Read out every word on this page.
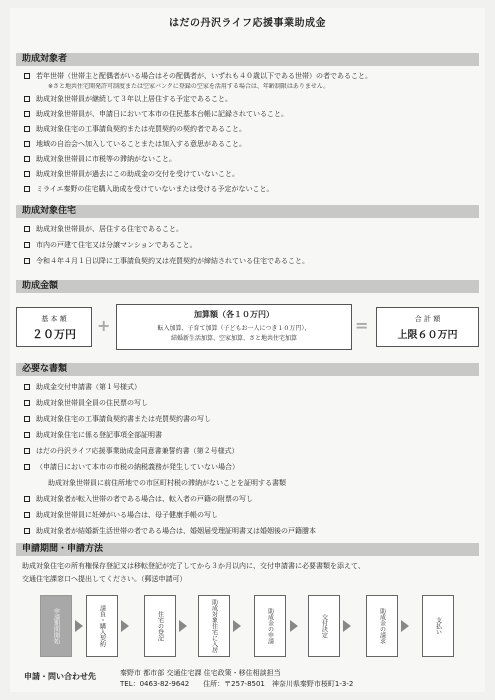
はだの丹沢ライフ応援事業助成金
助成対象者
若年世帯（世帯主と配偶者がいる場合はその配偶者が、いずれも４０歳以下である世帯）の者であること。
※さと地共住宅開発許可制度または空家バンクに登録の空家を活用する場合は、年齢制限はありません。
助成対象世帯員が継続して３年以上居住する予定であること。
助成対象世帯員が、申請日において本市の住民基本台帳に記録されていること。
助成対象住宅の工事請負契約または売買契約の契約者であること。
地域の自治会へ加入していることまたは加入する意思があること。
助成対象世帯員に市税等の滞納がないこと。
助成対象世帯員が過去にこの助成金の交付を受けていないこと。
ミライエ秦野の住宅購入助成を受けていないまたは受ける予定がないこと。
助成対象住宅
助成対象世帯員が、居住する住宅であること。
市内の戸建て住宅又は分譲マンションであること。
令和４年４月１日以降に工事請負契約又は売買契約が締結されている住宅であること。
助成金額
基 本 額
２０万円	+
加算額（各１０万円）
転入加算、子育て加算（子どもお一人につき１０万円）、
結婚新生活加算、空家加算、さと地共住宅加算
=	合 計 額
上限６０万円
必要な書類
助成金交付申請書（第１号様式）
助成対象世帯員全員の住民票の写し
助成対象住宅の工事請負契約書または売買契約書の写し
助成対象住宅に係る登記事項全部証明書
はだの丹沢ライフ応援事業助成金同意書兼誓約書（第２号様式）
（申請日において本市の市税の納税義務が発生していない場合）
助成対象世帯員に前住所地での市区町村税の滞納がないことを証明する書類
助成対象者が転入世帯の者である場合は、転入者の戸籍の附票の写し
助成対象世帯員に妊婦がいる場合は、母子健康手帳の写し
助成対象者が結婚新生活世帯の者である場合は、婚姻届受理証明書又は婚姻後の戸籍謄本
申請期間・申請方法
助成対象住宅の所有権保存登記又は移転登記が完了してから３か月以内に、交付申請書に必要書類を添えて、
交通住宅課窓口へ提出してください。（郵送申請可）
申請期間開始	請負・購入契約	住宅の登記	助成対象住宅に入居	助成金の申請	交付決定	助成金の請求	支払い
申請・問い合わせ先	秦野市 都市部 交通住宅課 住宅政策・移住相談担当
TEL：0463-82-9642　　住所：〒257-8501　神奈川県秦野市桜町1-3-2
